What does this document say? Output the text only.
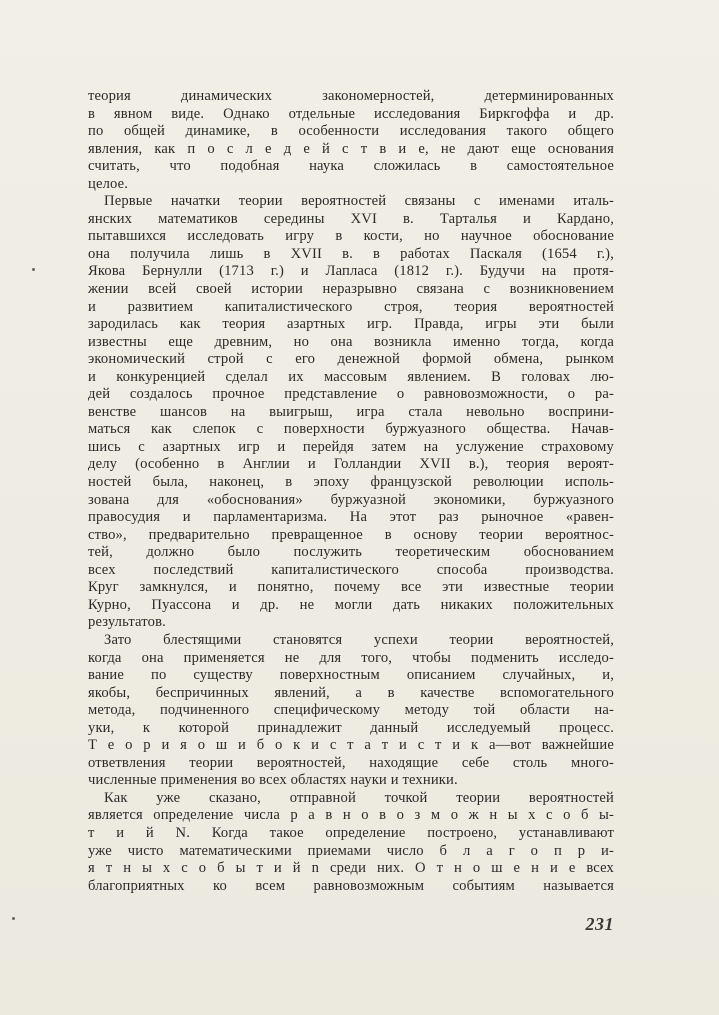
теория динамических закономерностей, детерминированных
в явном виде. Однако отдельные исследования Биркгоффа и др.
по общей динамике, в особенности исследования такого общего
явления, как п о с л е д е й с т в и е, не дают еще основания
считать, что подобная наука сложилась в самостоятельное
целое.
Первые начатки теории вероятностей связаны с именами италь-
янских математиков середины XVI в. Тарталья и Кардано,
пытавшихся исследовать игру в кости, но научное обоснование
она получила лишь в XVII в. в работах Паскаля (1654 г.),
Якова Бернулли (1713 г.) и Лапласа (1812 г.). Будучи на протя-
жении всей своей истории неразрывно связана с возникновением
и развитием капиталистического строя, теория вероятностей
зародилась как теория азартных игр. Правда, игры эти были
известны еще древним, но она возникла именно тогда, когда
экономический строй с его денежной формой обмена, рынком
и конкуренцией сделал их массовым явлением. В головах лю-
дей создалось прочное представление о равновозможности, о ра-
венстве шансов на выигрыш, игра стала невольно восприни-
маться как слепок с поверхности буржуазного общества. Начав-
шись с азартных игр и перейдя затем на услужение страховому
делу (особенно в Англии и Голландии XVII в.), теория вероят-
ностей была, наконец, в эпоху французской революции исполь-
зована для «обоснования» буржуазной экономики, буржуазного
правосудия и парламентаризма. На этот раз рыночное «равен-
ство», предварительно превращенное в основу теории вероятнос-
тей, должно было послужить теоретическим обоснованием
всех последствий капиталистического способа производства.
Круг замкнулся, и понятно, почему все эти известные теории
Курно, Пуассона и др. не могли дать никаких положительных
результатов.
Зато блестящими становятся успехи теории вероятностей,
когда она применяется не для того, чтобы подменить исследо-
вание по существу поверхностным описанием случайных, и,
якобы, беспричинных явлений, а в качестве вспомогательного
метода, подчиненного специфическому методу той области на-
уки, к которой принадлежит данный исследуемый процесс.
Т е о р и я о ш и б о к и с т а т и с т и к а—вот важнейшие
ответвления теории вероятностей, находящие себе столь много-
численные применения во всех областях науки и техники.
Как уже сказано, отправной точкой теории вероятностей
является определение числа р а в н о в о з м о ж н ы х с о б ы-
т и й N. Когда такое определение построено, устанавливают
уже чисто математическими приемами число б л а г о п р и-
я т н ы х с о б ы т и й n среди них. О т н о ш е н и е всех
благоприятных ко всем равновозможным событиям называется
231
